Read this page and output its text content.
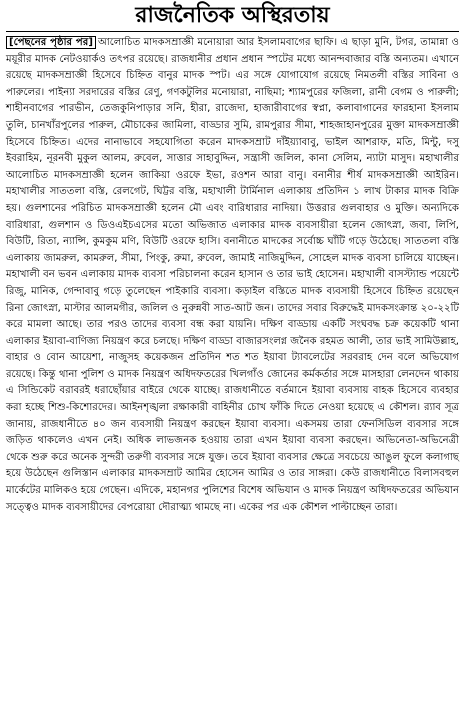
রাজনৈতিক অস্থিরতায়

[পেছনের পৃষ্ঠার পর] আলোচিত মাদকসম্রাজ্ঞী মনোয়ারা আর ইসলামবাগের ছাফি। এ ছাড়া মুনি, টগর, তামান্না ও ময়ূরীর মাদক নেটওয়ার্কও তৎপর রয়েছে। রাজধানীর প্রধান প্রধান স্পটের মধ্যে আনন্দবাজার বস্তি অন্যতম। এখানে রয়েছে মাদকসম্রাজ্ঞী হিসেবে চিহ্নিত বানুর মাদক স্পট। এর সঙ্গে যোগাযোগ রয়েছে নিমতলী বস্তির সাবিনা ও পারুলের। পাইন্যা সরদারের বস্তির রেণু, গণকটুলির মনোয়ারা, নাছিমা; শ্যামপুরের ফজিলা, রানী বেগম ও পারুলী; শাহীনবাগের পারভীন, তেজকুনিপাড়ার সনি, হীরা, রাজেদা, হাজারীবাগের স্বপ্না, কলাবাগানের ফারহানা ইসলাম তুলি, চানখাঁরপুলের পারুল, মৌচাকের জামিলা, বাড্ডার সুমি, রামপুরার সীমা, শাহজাহানপুরের মুক্তা মাদকসম্রাজ্ঞী হিসেবে চিহ্নিত। এদের নানাভাবে সহযোগিতা করেন মাদকসম্রাট দাঁইয়্যাবাবু, ভাইল আশরাফ, মতি, মিন্টু, দসু ইবরাহিম, নূরনবী মুকুল আলম, রুবেল, সাত্তার সাহাবুদ্দিন, সন্ত্রাসী জলিল, কানা সেলিম, ন্যাটা মাসুদ। মহাখালীর আলোচিত মাদকসম্রাজ্ঞী হলেন জাকিয়া ওরফে ইভা, রওশন আরা বানু। বনানীর শীর্ষ মাদকসম্রাজ্ঞী আইরিন। মহাখালীর সাততলা বস্তি, রেলগেট, ঘিট্টর বস্তি, মহাখালী টার্মিনাল এলাকায় প্রতিদিন ১ লাখ টাকার মাদক বিক্রি হয়। গুলশানের পরিচিত মাদকসম্রাজ্ঞী হলেন মৌ এবং বারিধারার নাদিয়া। উত্তরার গুলবাহার ও মুক্তি। অন্যদিকে বারিধারা, গুলশান ও ডিওএইচএসের মতো অভিজাত এলাকার মাদক ব্যবসায়ীরা হলেন জোৎস্না, জবা, লিপি, বিউটি, রিতা, ন্যান্সি, কুমকুম মণি, বিউটি ওরফে হাসি। বনানীতে মাদকের সর্বোচ্চ ঘাঁটি গড়ে উঠেছে। সাততলা বস্তি এলাকায় জামরুল, কামরুল, সীমা, পিংকু, রুমা, রুবেল, জামাই নাজিমুদ্দিন, সোহেল মাদক ব্যবসা চালিয়ে যাচ্ছেন। মহাখালী বন ভবন এলাকায় মাদক ব্যবসা পরিচালনা করেন হাসান ও তার ভাই হোসেন। মহাখালী বাসস্ট্যান্ড পয়েন্টে রিজু, মানিক, গেন্দাবাবু গড়ে তুলেছেন পাইকারি ব্যবসা। কড়াইল বস্তিতে মাদক ব্যবসায়ী হিসেবে চিহ্নিত রয়েছেন রিনা জোৎস্না, মাস্টার আলমগীর, জলিল ও নুরুন্নবী সাত-আট জন। তাদের সবার বিরুদ্ধেই মাদকসংক্রান্ত ২০-২২টি করে মামলা আছে। তার পরও তাদের ব্যবসা বন্ধ করা যায়নি। দক্ষিণ বাড্ডায় একটি সংঘবদ্ধ চক্র কয়েকটি থানা এলাকার ইয়াবা-বাণিজ্য নিয়ন্ত্রণ করে চলছে। দক্ষিণ বাড্ডা বাজারসংলগ্ন জনৈক রহমত আলী, তার ভাই সামিউল্লাহ, বাহার ও বোন আয়েশা, নাজুসহ কয়েকজন প্রতিদিন শত শত ইয়াবা ট্যাবলেটের সরবরাহ দেন বলে অভিযোগ রয়েছে। কিন্তু থানা পুলিশ ও মাদক নিয়ন্ত্রণ অধিদফতরের খিলগাঁও জোনের কর্মকর্তার সঙ্গে মাসহারা লেনদেন থাকায় এ সিন্ডিকেট বরাবরই ধরাছোঁয়ার বাইরে থেকে যাচ্ছে। রাজধানীতে বর্তমানে ইয়াবা ব্যবসায় বাহক হিসেবে ব্যবহার করা হচ্ছে শিশু-কিশোরদের। আইনশৃঙ্খলা রক্ষাকারী বাহিনীর চোখ ফাঁকি দিতে নেওয়া হয়েছে এ কৌশল। র‌্যাব সূত্র জানায়, রাজধানীতে ৪০ জন ব্যবসায়ী নিয়ন্ত্রণ করছেন ইয়াবা ব্যবসা। একসময় তারা ফেনসিডিল ব্যবসার সঙ্গে জড়িত থাকলেও এখন নেই। অধিক লাভজনক হওয়ায় তারা এখন ইয়াবা ব্যবসা করছেন। অভিনেতা-অভিনেত্রী থেকে শুরু করে অনেক সুন্দরী তরুণী ব্যবসার সঙ্গে যুক্ত। তবে ইয়াবা ব্যবসার ক্ষেত্রে সবচেয়ে আঙুল ফুলে কলাগাছ হয়ে উঠেছেন গুলিস্তান এলাকার মাদকসম্রাট আমির হোসেন আমির ও তার সাঙ্গরা। কেউ রাজধানীতে বিলাসবহুল মার্কেটের মালিকও হয়ে গেছেন। এদিকে, মহানগর পুলিশের বিশেষ অভিযান ও মাদক নিয়ন্ত্রণ অধিদফতরের অভিযান সত্ত্বেও মাদক ব্যবসায়ীদের বেপরোয়া দৌরাত্ম্য থামছে না। একের পর এক কৌশল পাল্টাচ্ছেন তারা।
